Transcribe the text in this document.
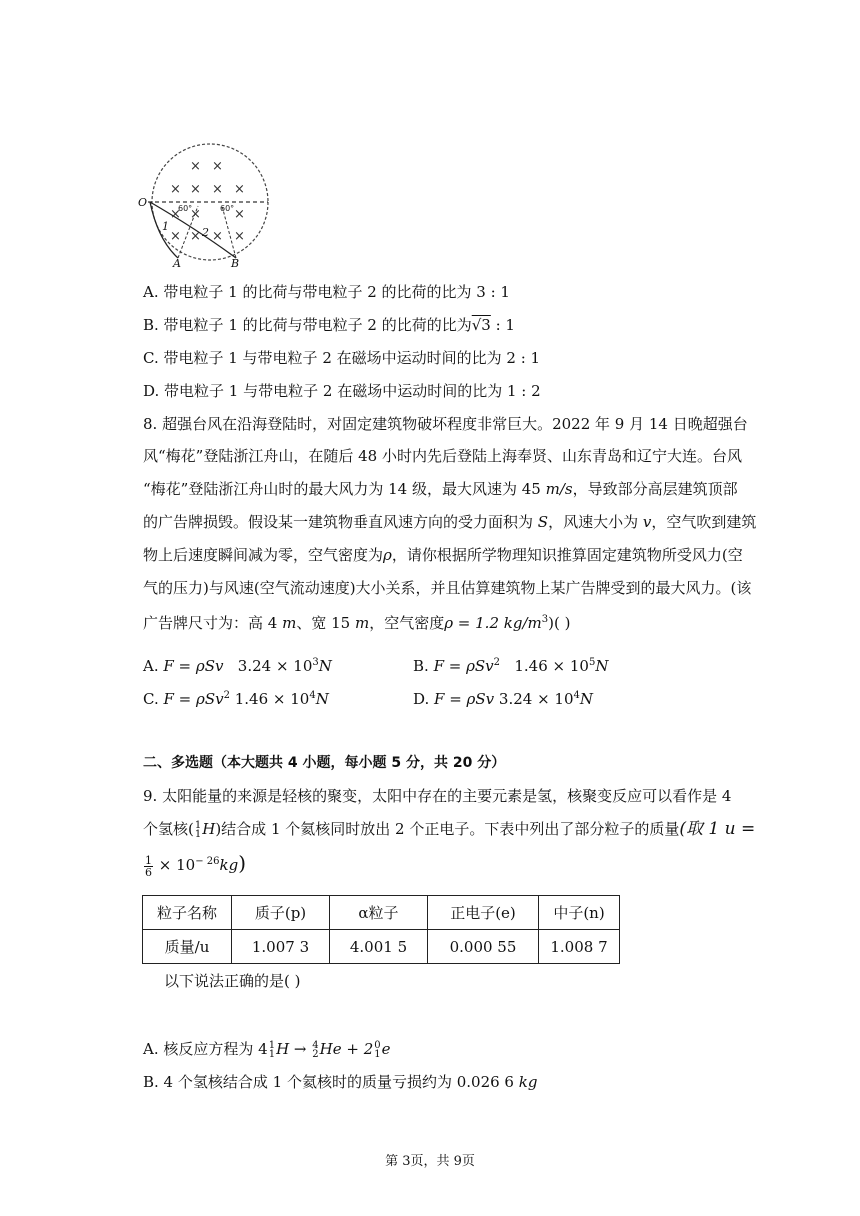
× ×
× × × ×
× ×	×
× × × ×
O
A	B
1	2
60°	60°
A. 带电粒子 1 的比荷与带电粒子 2 的比荷的比为 3 : 1
B. 带电粒子 1 的比荷与带电粒子 2 的比荷的比为√3 : 1
C. 带电粒子 1 与带电粒子 2 在磁场中运动时间的比为 2 : 1
D. 带电粒子 1 与带电粒子 2 在磁场中运动时间的比为 1 : 2
8. 超强台风在沿海登陆时，对固定建筑物破坏程度非常巨大。2022 年 9 月 14 日晚超强台
风“梅花”登陆浙江舟山，在随后 48 小时内先后登陆上海奉贤、山东青岛和辽宁大连。台风
“梅花”登陆浙江舟山时的最大风力为 14 级，最大风速为 45 m/s，导致部分高层建筑顶部
的广告牌损毁。假设某一建筑物垂直风速方向的受力面积为 S，风速大小为 v，空气吹到建筑
物上后速度瞬间减为零，空气密度为ρ，请你根据所学物理知识推算固定建筑物所受风力(空
气的压力)与风速(空气流动速度)大小关系，并且估算建筑物上某广告牌受到的最大风力。(该
广告牌尺寸为：高 4 m、宽 15 m，空气密度ρ = 1.2 $kg/m^3$)( )
A. F = ρSv $3.24 \times 10^3N$	B. F = ρSv$^2$ $1.46 \times 10^5N$
C. F = ρSv$^2$ $1.46 \times 10^4N$	D. F = ρSv $3.24 \times 10^4N$
二、多选题（本大题共 4 小题，每小题 5 分，共 20 分）
9. 太阳能量的来源是轻核的聚变，太阳中存在的主要元素是氢，核聚变反应可以看作是 4
个氢核(1
1H)结合成 1 个氦核同时放出 2 个正电子。下表中列出了部分粒子的质量(取 1 u =
$\frac{1}{6} \times 10^{- 26}kg$)
粒子名称	质子(p)	α粒子	正电子(e)	中子(n)
质量/u	1.007 3	4.001 5	0.000 55	1.008 7
以下说法正确的是( )
A. 核反应方程为 41
1H → 4
2He + 20
1e
B. 4 个氢核结合成 1 个氦核时的质量亏损约为 0.026 6 kg
第 3页，共 9页
